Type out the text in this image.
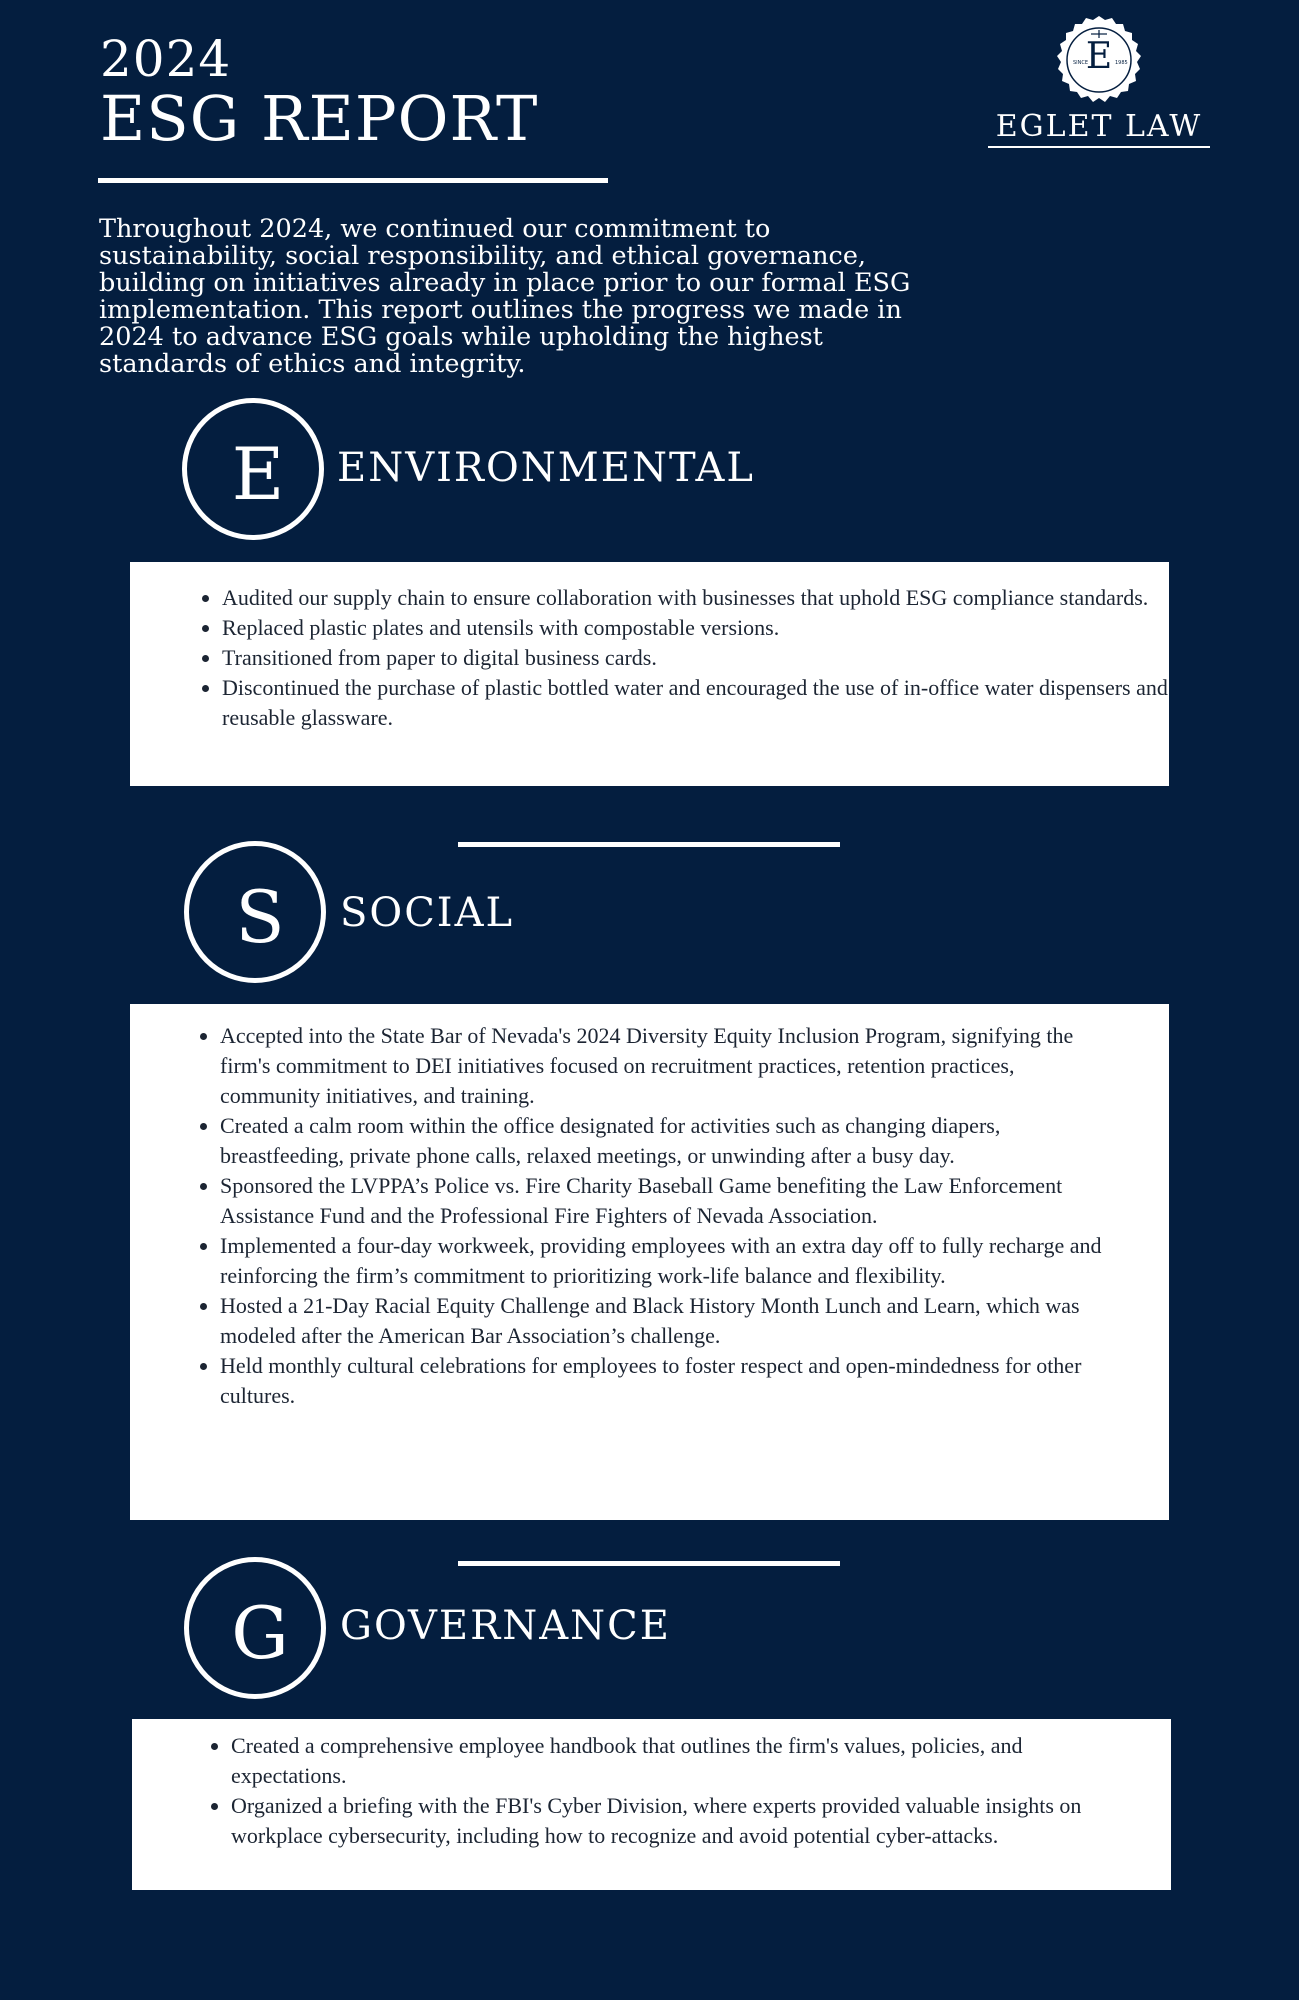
2024
ESG REPORT
SINCE	1985
E
EGLET LAW

Throughout 2024, we continued our commitment to sustainability, social responsibility, and ethical governance, building on initiatives already in place prior to our formal ESG implementation. This report outlines the progress we made in 2024 to advance ESG goals while upholding the highest standards of ethics and integrity.

E	ENVIRONMENTAL
• Audited our supply chain to ensure collaboration with businesses that uphold ESG compliance standards.
• Replaced plastic plates and utensils with compostable versions.
• Transitioned from paper to digital business cards.
• Discontinued the purchase of plastic bottled water and encouraged the use of in-office water dispensers and reusable glassware.
S	SOCIAL
• Accepted into the State Bar of Nevada's 2024 Diversity Equity Inclusion Program, signifying the firm's commitment to DEI initiatives focused on recruitment practices, retention practices, community initiatives, and training.
• Created a calm room within the office designated for activities such as changing diapers, breastfeeding, private phone calls, relaxed meetings, or unwinding after a busy day.
• Sponsored the LVPPA’s Police vs. Fire Charity Baseball Game benefiting the Law Enforcement Assistance Fund and the Professional Fire Fighters of Nevada Association.
• Implemented a four-day workweek, providing employees with an extra day off to fully recharge and reinforcing the firm’s commitment to prioritizing work-life balance and flexibility.
• Hosted a 21-Day Racial Equity Challenge and Black History Month Lunch and Learn, which was modeled after the American Bar Association’s challenge.
• Held monthly cultural celebrations for employees to foster respect and open-mindedness for other cultures.
G	GOVERNANCE
• Created a comprehensive employee handbook that outlines the firm's values, policies, and expectations.
• Organized a briefing with the FBI's Cyber Division, where experts provided valuable insights on workplace cybersecurity, including how to recognize and avoid potential cyber-attacks.
